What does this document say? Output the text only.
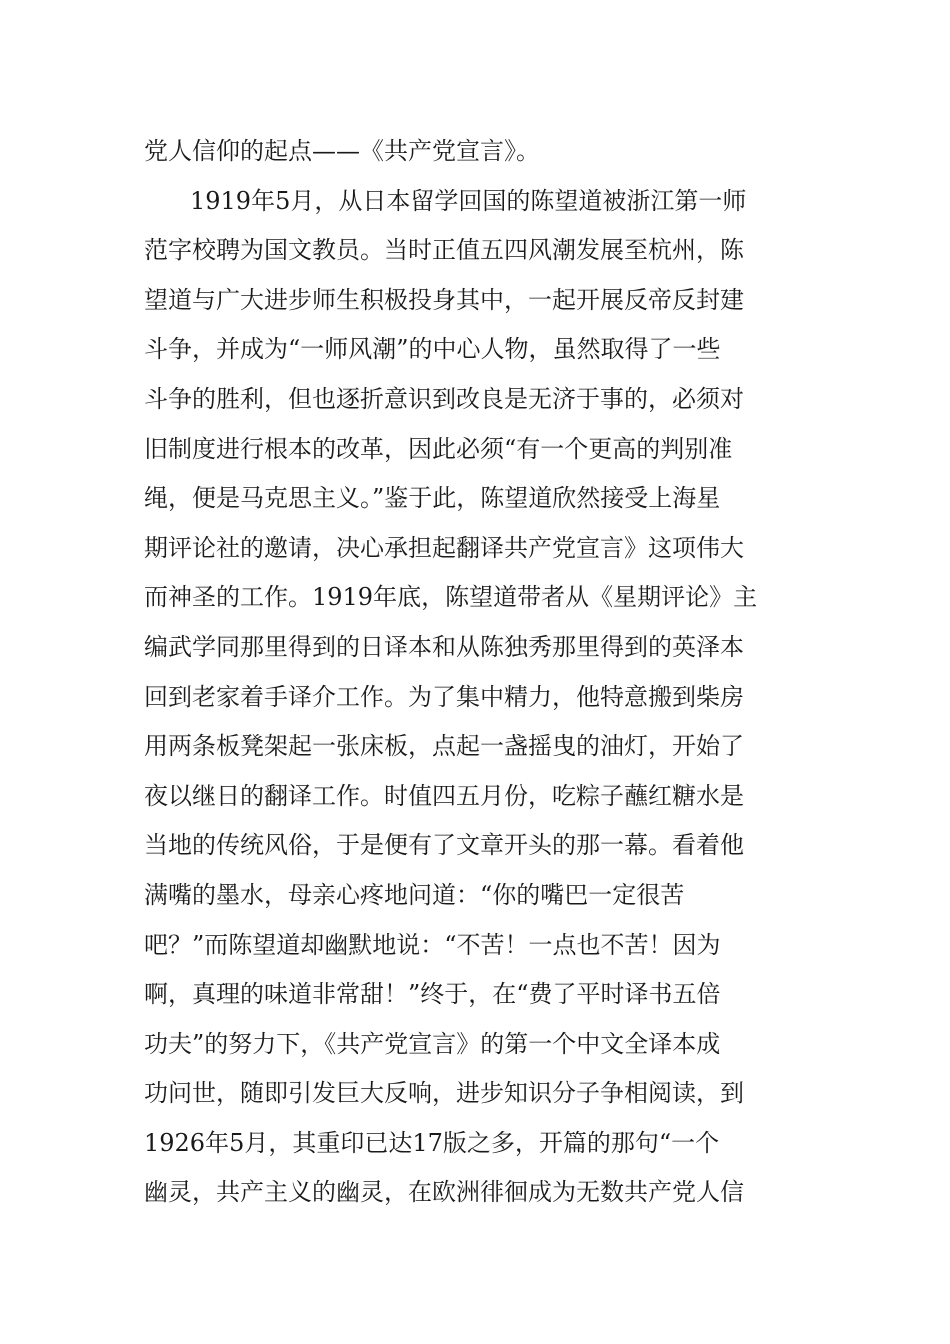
党人信仰的起点——《共产党宣言》。
1919年5月，从日本留学回国的陈望道被浙江第一师
范字校聘为国文教员。当时正值五四风潮发展至杭州，陈
望道与广大进步师生积极投身其中，一起开展反帝反封建
斗争，并成为“一师风潮”的中心人物，虽然取得了一些
斗争的胜利，但也逐折意识到改良是无济于事的，必须对
旧制度进行根本的改革，因此必须“有一个更高的判别准
绳，便是马克思主义。”鉴于此，陈望道欣然接受上海星
期评论社的邀请，决心承担起翻译共产党宣言》这项伟大
而神圣的工作。1919年底，陈望道带者从《星期评论》主
编武学同那里得到的日译本和从陈独秀那里得到的英泽本
回到老家着手译介工作。为了集中精力，他特意搬到柴房
用两条板凳架起一张床板，点起一盏摇曳的油灯，开始了
夜以继日的翻译工作。时值四五月份，吃粽子蘸红糖水是
当地的传统风俗，于是便有了文章开头的那一幕。看着他
满嘴的墨水，母亲心疼地问道：“你的嘴巴一定很苦
吧？”而陈望道却幽默地说：“不苦！一点也不苦！因为
啊，真理的味道非常甜！”终于，在“费了平时译书五倍
功夫”的努力下，《共产党宣言》的第一个中文全译本成
功问世，随即引发巨大反响，进步知识分子争相阅读，到
1926年5月，其重印已达17版之多，开篇的那句“一个
幽灵，共产主义的幽灵，在欧洲徘徊成为无数共产党人信
